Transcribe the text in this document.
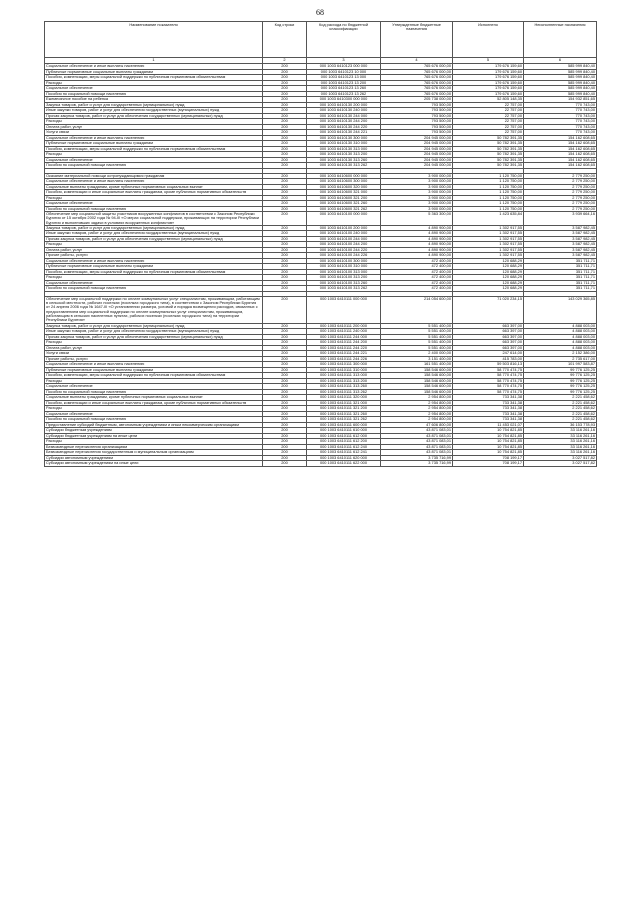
68
Наименование показателя	Код строки	Код расхода по бюджетной классификации	Утвержденные бюджетные назначения	Исполнено	Неисполненные назначения
1	2	3	4	5	6
Социальное обеспечение и иные выплаты населению	200	000 1003 6410123 000 000	765 676 000,00	179 676 159,60	585 999 840,40
Публичные нормативные социальные выплаты гражданам	200	000 1003 6410123 10 000	765 676 000,00	179 676 159,60	585 999 840,40
Пособия, компенсации, меры социальной поддержки по публичным нормативным обязательствам	200	000 1003 6410123 13 000	765 676 000,00	179 676 159,60	585 999 840,40
Расходы	200	000 1003 6410123 13 200	765 676 000,00	179 676 159,60	585 999 840,40
Социальное обеспечение	200	000 1003 6410123 13 260	765 676 000,00	179 676 159,60	585 999 840,40
Пособия по социальной помощи населению	200	000 1003 6410123 13 262	765 676 000,00	179 676 159,60	585 999 840,40
Ежемесячное пособие на ребенка	200	000 1003 6410300 000 000	205 738 000,00	52 805 148,35	154 932 851,65
Закупка товаров, работ и услуг для государственных (муниципальных) нужд	200	000 1003 6410130 200 000	793 500,00	22 757,00	770 743,00
Иные закупки товаров, работ и услуг для обеспечения государственных (муниципальных) нужд	200	000 1003 6410130 240 000	793 500,00	22 757,00	770 743,00
Прочая закупка товаров, работ и услуг для обеспечения государственных (муниципальных) нужд	200	000 1003 6410130 244 000	793 500,00	22 757,00	770 743,00
Расходы	200	000 1003 6410130 244 200	793 500,00	22 757,00	770 743,00
Оплата работ, услуг	200	000 1003 6410130 244 220	793 500,00	22 757,00	770 743,00
Услуги связи	200	000 1003 6410130 244 221	793 500,00	22 757,00	770 743,00
Социальное обеспечение и иные выплаты населению	200	000 1003 6410130 300 000	204 945 000,00	50 782 391,35	154 162 608,65
Публичные нормативные социальные выплаты гражданам	200	000 1003 6410130 310 000	204 945 000,00	50 782 391,35	154 162 608,65
Пособия, компенсации, меры социальной поддержки по публичным нормативным обязательствам	200	000 1003 6410130 313 000	204 945 000,00	50 782 391,35	154 162 608,65
Расходы	200	000 1003 6410130 313 200	204 945 000,00	50 782 391,35	154 162 608,65
Социальное обеспечение	200	000 1003 6410130 313 260	204 945 000,00	50 782 391,35	154 162 608,65
Пособия по социальной помощи населению	200	000 1003 6410130 313 262	204 945 000,00	50 782 391,35	154 162 608,65

Оказание материальной помощи остронуждающимся гражданам	200	000 1003 6410600 000 000	3 900 000,00	1 120 750,00	2 779 250,00
Социальное обеспечение и иные выплаты населению	200	000 1003 6410600 300 000	3 900 000,00	1 120 750,00	2 779 250,00
Социальные выплаты гражданам, кроме публичных нормативных социальных выплат	200	000 1003 6410600 320 000	3 900 000,00	1 120 750,00	2 779 250,00
Пособия, компенсации и иные социальные выплаты гражданам, кроме публичных нормативных обязательств	200	000 1003 6410600 321 000	3 900 000,00	1 120 750,00	2 779 250,00
Расходы	200	000 1003 6410600 321 200	3 900 000,00	1 120 750,00	2 779 250,00
Социальное обеспечение	200	000 1003 6410600 321 260	3 900 000,00	1 120 750,00	2 779 250,00
Пособия по социальной помощи населению	200	000 1003 6410600 321 262	3 900 000,00	1 120 750,00	2 779 250,00
Обеспечение мер социальной защиты участников вооруженных конфликтов в соответствии с Законом Республики Бурятия от 15 октября 2002 года № 94-III «О мерах социальной поддержки, проживающих на территории Республики Бурятия и выполнявших задачи в условиях вооруженных конфликтов»	200	000 1003 6410100 000 000	5 363 300,00	1 423 635,84	3 939 664,16
Закупка товаров, работ и услуг для государственных (муниципальных) нужд	200	000 1003 6410100 200 000	4 890 900,00	1 302 917,55	3 587 982,45
Иные закупки товаров, работ и услуг для обеспечения государственных (муниципальных) нужд	200	000 1003 6410100 240 000	4 890 900,00	1 302 917,55	3 587 982,45
Прочая закупка товаров, работ и услуг для обеспечения государственных (муниципальных) нужд	200	000 1003 6410100 244 000	4 890 900,00	1 302 917,55	3 587 982,45
Расходы	200	000 1003 6410100 244 200	4 890 900,00	1 302 917,55	3 587 982,45
Оплата работ, услуг	200	000 1003 6410100 244 220	4 890 900,00	1 302 917,55	3 587 982,45
Прочие работы, услуги	200	000 1003 6410100 244 226	4 890 900,00	1 302 917,55	3 587 982,45
Социальное обеспечение и иные выплаты населению	200	000 1003 6410100 300 000	472 400,00	120 688,29	351 711,71
Публичные нормативные социальные выплаты гражданам	200	000 1003 6410100 310 000	472 400,00	120 688,29	351 711,71
Пособия, компенсации, меры социальной поддержки по публичным нормативным обязательствам	200	000 1003 6410100 313 000	472 400,00	120 688,29	351 711,71
Расходы	200	000 1003 6410100 313 200	472 400,00	120 688,29	351 711,71
Социальное обеспечение	200	000 1003 6410100 313 260	472 400,00	120 688,29	351 711,71
Пособия по социальной помощи населению	200	000 1003 6410100 313 262	472 400,00	120 688,29	351 711,71

Обеспечение мер социальной поддержки по оплате коммунальных услуг специалистам, проживающим, работающим в сельской местности, рабочих поселках (поселках городского типа), в соответствии с Законом Республики Бурятия от 24 апреля 2006 года № 1647-III «О установлении размера, условий и порядка возмещения расходов, связанных с предоставлением мер социальной поддержки по оплате коммунальных услуг специалистам, проживающим, работающим в сельских населенных пунктах, рабочих поселках (поселках городского типа) на территории Республики Бурятия»	200	000 1003 6410111 000 000	214 054 600,00	71 020 234,15	143 029 365,85
Закупка товаров, работ и услуг для государственных (муниципальных) нужд	200	000 1003 6410111 200 000	5 551 400,00	663 397,00	4 888 003,00
Иные закупки товаров, работ и услуг для обеспечения государственных (муниципальных) нужд	200	000 1003 6410111 240 000	5 551 400,00	663 397,00	4 888 003,00
Прочая закупка товаров, работ и услуг для обеспечения государственных (муниципальных) нужд	200	000 1003 6410111 244 000	5 551 400,00	663 397,00	4 888 003,00
Расходы	200	000 1003 6410111 244 200	5 551 400,00	663 397,00	4 888 003,00
Оплата работ, услуг	200	000 1003 6410111 244 220	5 551 400,00	663 397,00	4 888 003,00
Услуги связи	200	000 1003 6410111 244 221	2 400 000,00	247 614,00	2 152 386,00
Прочие работы, услуги	200	000 1003 6410111 244 226	3 151 400,00	415 783,00	2 735 617,00
Социальное обеспечение и иные выплаты населению	200	000 1003 6410111 300 000	161 551 400,00	59 503 816,13	101 997 583,87
Публичные нормативные социальные выплаты гражданам	200	000 1003 6410111 310 000	158 546 600,00	58 770 474,75	99 776 125,25
Пособия, компенсации, меры социальной поддержки по публичным нормативным обязательствам	200	000 1003 6410111 313 000	158 546 600,00	58 770 474,75	99 776 125,25
Расходы	200	000 1003 6410111 313 200	158 546 600,00	58 770 474,75	99 776 125,25
Социальное обеспечение	200	000 1003 6410111 313 260	158 546 600,00	58 770 474,75	99 776 125,25
Пособия по социальной помощи населению	200	000 1003 6410111 313 262	158 546 600,00	58 770 474,75	99 776 125,25
Социальные выплаты гражданам, кроме публичных нормативных социальных выплат	200	000 1003 6410111 320 000	2 954 800,00	733 341,38	2 221 458,62
Пособия, компенсации и иные социальные выплаты гражданам, кроме публичных нормативных обязательств	200	000 1003 6410111 321 000	2 954 800,00	733 341,38	2 221 458,62
Расходы	200	000 1003 6410111 321 200	2 954 800,00	733 341,38	2 221 458,62
Социальное обеспечение	200	000 1003 6410111 321 260	2 954 800,00	733 341,38	2 221 458,62
Пособия по социальной помощи населению	200	000 1003 6410111 321 262	2 954 800,00	733 341,38	2 221 458,62
Предоставление субсидий бюджетным, автономным учреждениям и иным некоммерческим организациям	200	000 1003 6410111 600 000	47 606 800,00	11 453 021,07	36 153 778,93
Субсидии бюджетным учреждениям	200	000 1003 6410111 610 000	43 871 083,01	10 754 821,85	33 116 261,16
Субсидии бюджетным учреждениям на иные цели	200	000 1003 6410111 612 000	43 871 083,01	10 754 821,85	33 116 261,16
Расходы	200	000 1003 6410111 612 200	43 871 083,01	10 754 821,85	33 116 261,16
Безвозмездные перечисления организациям	200	000 1003 6410111 612 240	43 871 083,01	10 754 821,85	33 116 261,16
Безвозмездные перечисления государственным и муниципальным организациям	200	000 1003 6410111 612 241	43 871 083,01	10 754 821,85	33 116 261,16
Субсидии автономным учреждениям	200	000 1003 6410111 620 000	3 735 716,99	708 199,17	3 027 517,82
Субсидии автономным учреждениям на иные цели	200	000 1003 6410111 622 000	3 735 716,99	708 199,17	3 027 517,82
